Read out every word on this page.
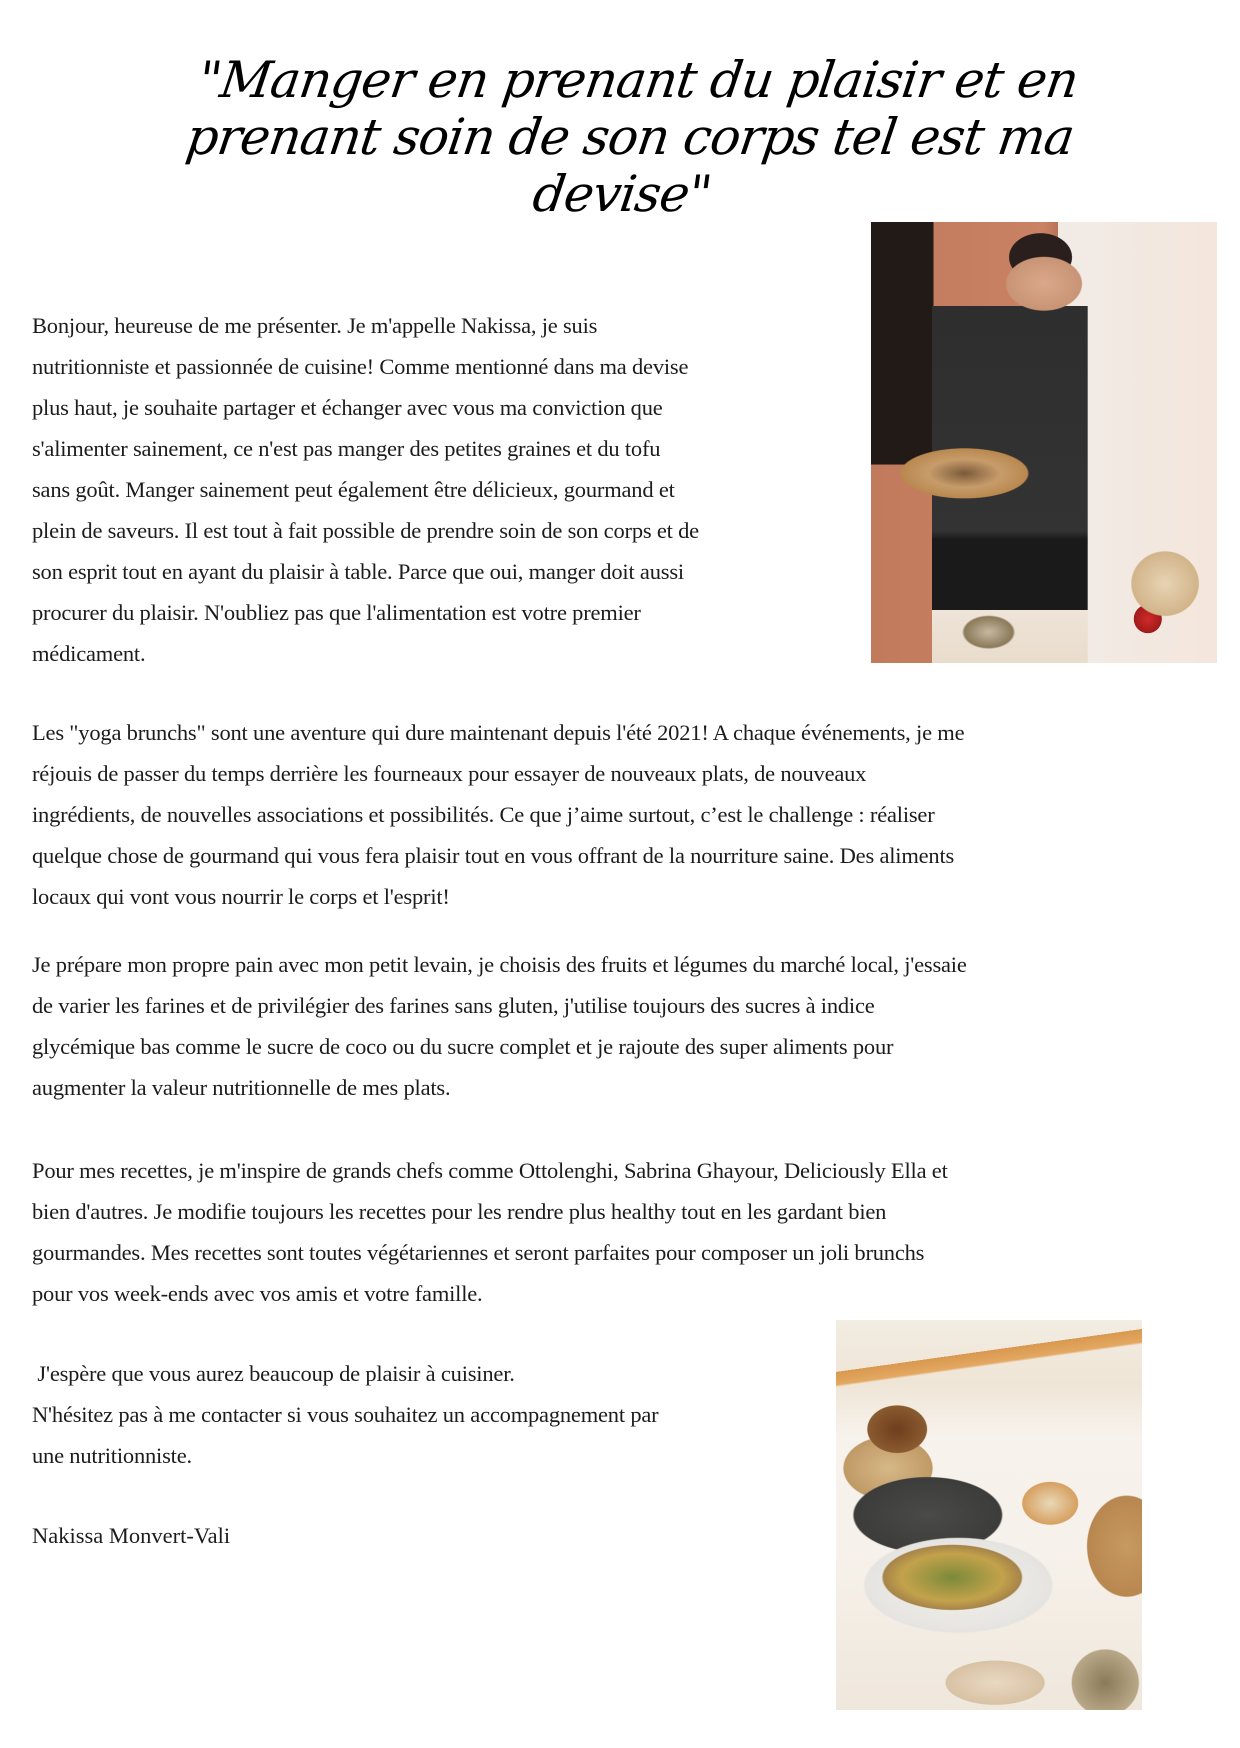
"Manger en prenant du plaisir et en
prenant soin de son corps tel est ma
devise"

Bonjour, heureuse de me présenter. Je m'appelle Nakissa, je suis
nutritionniste et passionnée de cuisine! Comme mentionné dans ma devise
plus haut, je souhaite partager et échanger avec vous ma conviction que
s'alimenter sainement, ce n'est pas manger des petites graines et du tofu
sans goût. Manger sainement peut également être délicieux, gourmand et
plein de saveurs. Il est tout à fait possible de prendre soin de son corps et de
son esprit tout en ayant du plaisir à table. Parce que oui, manger doit aussi
procurer du plaisir. N'oubliez pas que l'alimentation est votre premier
médicament.

Les "yoga brunchs" sont une aventure qui dure maintenant depuis l'été 2021! A chaque événements, je me
réjouis de passer du temps derrière les fourneaux pour essayer de nouveaux plats, de nouveaux
ingrédients, de nouvelles associations et possibilités. Ce que j’aime surtout, c’est le challenge : réaliser
quelque chose de gourmand qui vous fera plaisir tout en vous offrant de la nourriture saine. Des aliments
locaux qui vont vous nourrir le corps et l'esprit!

Je prépare mon propre pain avec mon petit levain, je choisis des fruits et légumes du marché local, j'essaie
de varier les farines et de privilégier des farines sans gluten, j'utilise toujours des sucres à indice
glycémique bas comme le sucre de coco ou du sucre complet et je rajoute des super aliments pour
augmenter la valeur nutritionnelle de mes plats.

Pour mes recettes, je m'inspire de grands chefs comme Ottolenghi, Sabrina Ghayour, Deliciously Ella et
bien d'autres. Je modifie toujours les recettes pour les rendre plus healthy tout en les gardant bien
gourmandes. Mes recettes sont toutes végétariennes et seront parfaites pour composer un joli brunchs
pour vos week-ends avec vos amis et votre famille.

J'espère que vous aurez beaucoup de plaisir à cuisiner.
N'hésitez pas à me contacter si vous souhaitez un accompagnement par
une nutritionniste.

Nakissa Monvert-Vali
